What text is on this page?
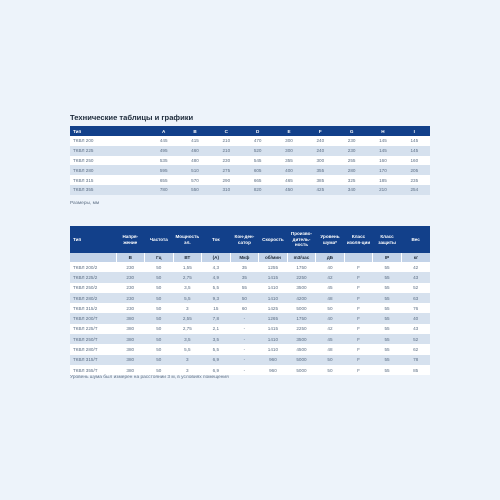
Технические таблицы и графики
Тип	A	B	C	D	E	F	G	H	I
ТКВЛ 200	445	415	210	470	300	240	230	145	145
ТКВЛ 225	495	460	210	520	300	240	230	145	145
ТКВЛ 250	535	480	230	545	355	300	255	160	160
ТКВЛ 280	595	510	275	605	400	355	280	170	205
ТКВЛ 315	655	570	290	665	465	385	325	185	235
ТКВЛ 355	780	550	310	820	450	425	340	210	254
Размеры, мм
Тип	Напря-жение	Частота	Мощность эл.	Ток	Кон-ден-сатор	Скорость	Произво-дитель-ность	Уровень шума*	Класс изоля-ции	Класс защиты	Вес
	В	Гц	ВТ	(А)	Мкф	об/мин	m3/час	дБ		IP	кг
ТКВЛ 200/2	230	50	1,55	4,3	35	1255	1750	40	F	55	42
ТКВЛ 225/2	230	50	2,75	4,9	35	1415	2250	42	F	55	43
ТКВЛ 250/2	230	50	3,5	5,5	55	1410	3500	45	F	55	52
ТКВЛ 280/2	230	50	5,5	9,3	50	1410	4200	48	F	55	63
ТКВЛ 315/2	230	50	3	15	60	1425	5000	50	F	55	76
ТКВЛ 200/Т	380	50	2,55	7,8	-	1265	1750	40	F	55	40
ТКВЛ 225/Т	380	50	2,75	2,1	-	1415	2250	42	F	55	43
ТКВЛ 250/Т	380	50	3,5	3,5	-	1410	3500	45	F	55	52
ТКВЛ 280/Т	380	50	5,5	5,5	-	1410	4500	48	F	55	62
ТКВЛ 315/Т	380	50	3	6,9	-	960	5000	50	F	55	78
ТКВЛ 355/Т	380	50	3	6,9	-	960	5000	50	F	55	85
Уровень шума был измерен на расстоянии 3 м, в условиях помещения
